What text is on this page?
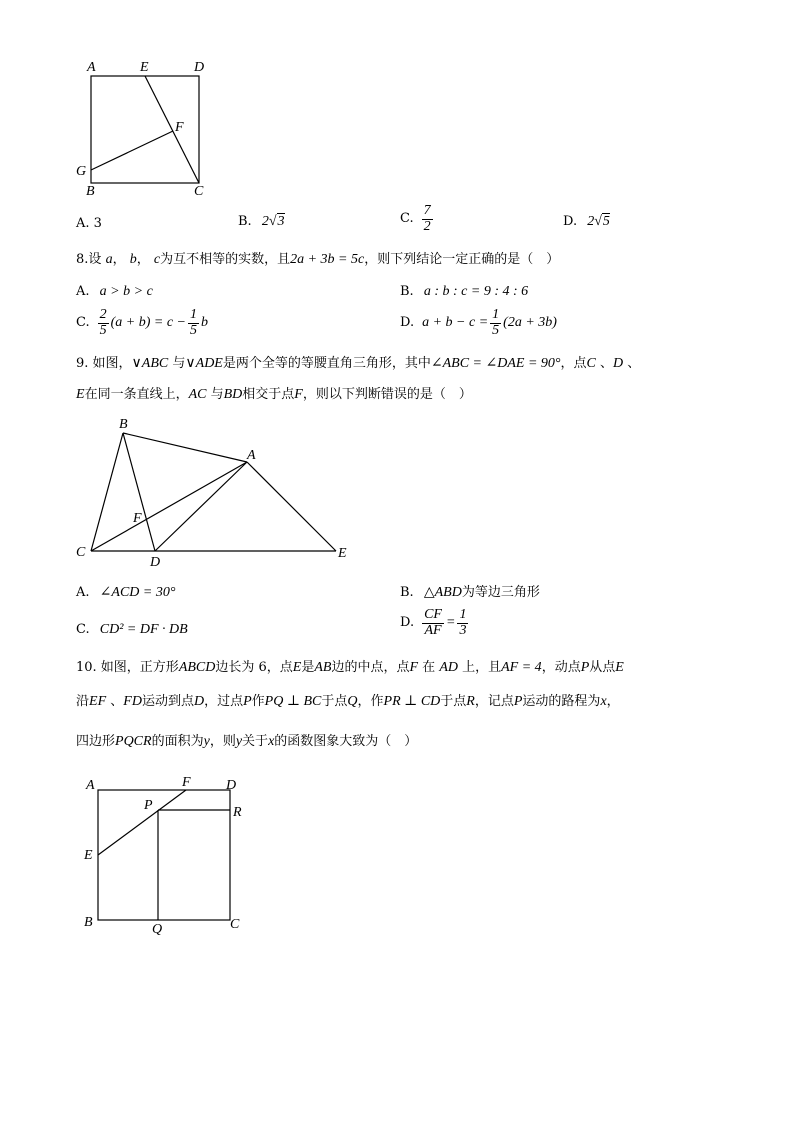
A	E	D
F
G
B	C
A. 3	B. 2√3	C. $\frac{7}{2}$	D. 2√5
8.设 a， b， c为互不相等的实数，且2a + 3b = 5c，则下列结论一定正确的是（　）
A. a > b > c	B. a : b : c = 9 : 4 : 6
C. $\frac{2}{5} (a + b) = c - \frac{1}{5}$ b	D. $a + b - c = \frac{1}{5} (2a + 3b)$
9. 如图，∨ABC 与∨ADE是两个全等的等腰直角三角形，其中∠ABC = ∠DAE = 90°，点C 、D 、
E在同一条直线上，AC 与BD相交于点F，则以下判断错误的是（　）
B
A
F
C
D
E
A. ∠ACD = 30°	B. △ABD为等边三角形
C. CD² = DF · DB	D. $\frac{CF}{AF} = \frac{1}{3}$
10. 如图，正方形ABCD边长为 6，点E是AB边的中点，点F 在 AD 上，且AF = 4，动点P从点E
沿EF 、FD运动到点D，过点P作PQ ⊥ BC于点Q，作PR ⊥ CD于点R，记点P运动的路程为x，
四边形PQCR的面积为y，则y关于x的函数图象大致为（　）
A	F	D
P	R
E
B	Q	C
